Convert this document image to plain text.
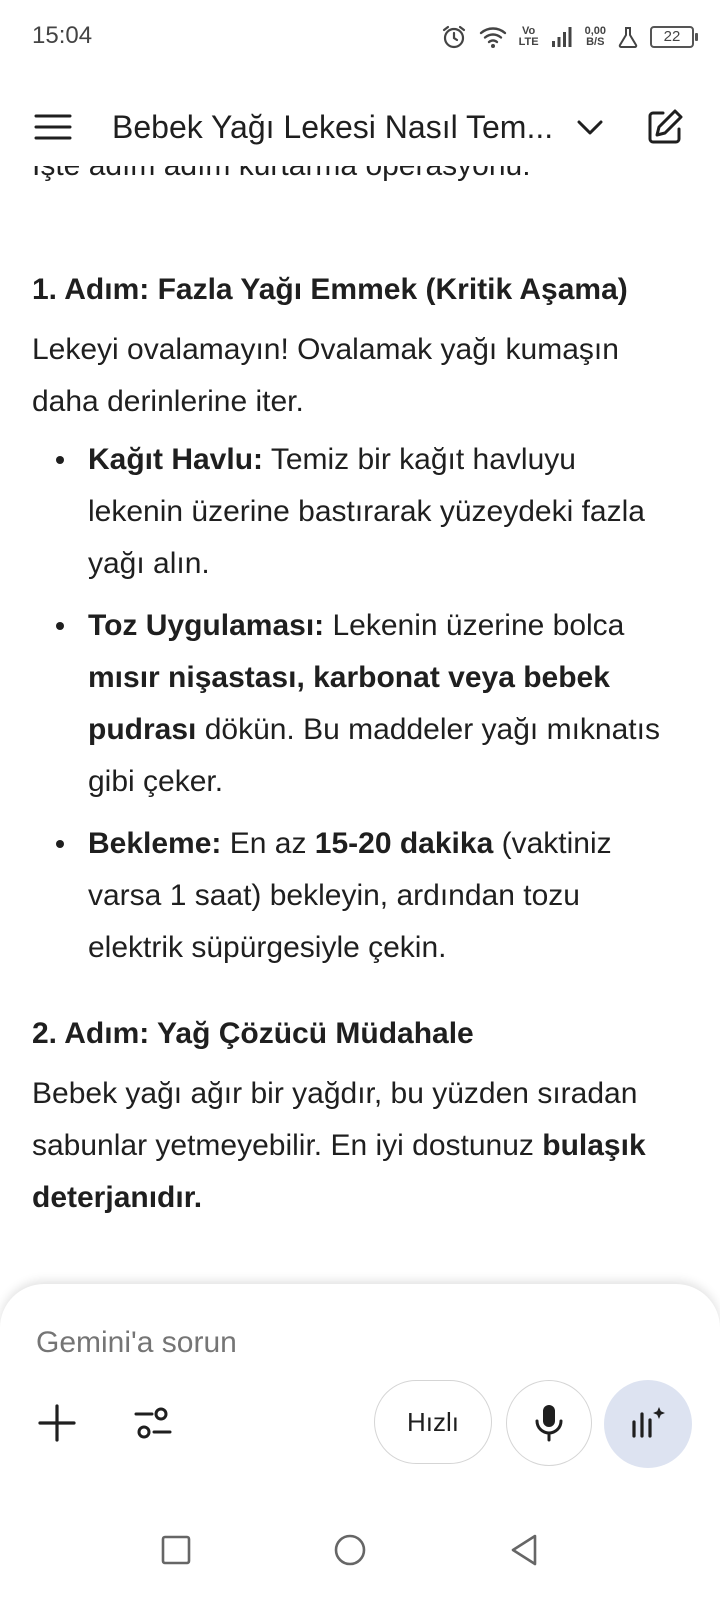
15:04	Vo
LTE
0,00
B/S	22
Bebek Yağı Lekesi Nasıl Tem...
1. Adım: Fazla Yağı Emmek (Kritik Aşama)
Lekeyi ovalamayın! Ovalamak yağı kumaşın daha derinlerine iter.
Kağıt Havlu: Temiz bir kağıt havluyu lekenin üzerine bastırarak yüzeydeki fazla yağı alın.
Toz Uygulaması: Lekenin üzerine bolca mısır nişastası, karbonat veya bebek pudrası dökün. Bu maddeler yağı mıknatıs gibi çeker.
Bekleme: En az 15-20 dakika (vaktiniz varsa 1 saat) bekleyin, ardından tozu elektrik süpürgesiyle çekin.
2. Adım: Yağ Çözücü Müdahale
Bebek yağı ağır bir yağdır, bu yüzden sıradan sabunlar yetmeyebilir. En iyi dostunuz bulaşık deterjanıdır.
Gemini'a sorun
Hızlı
